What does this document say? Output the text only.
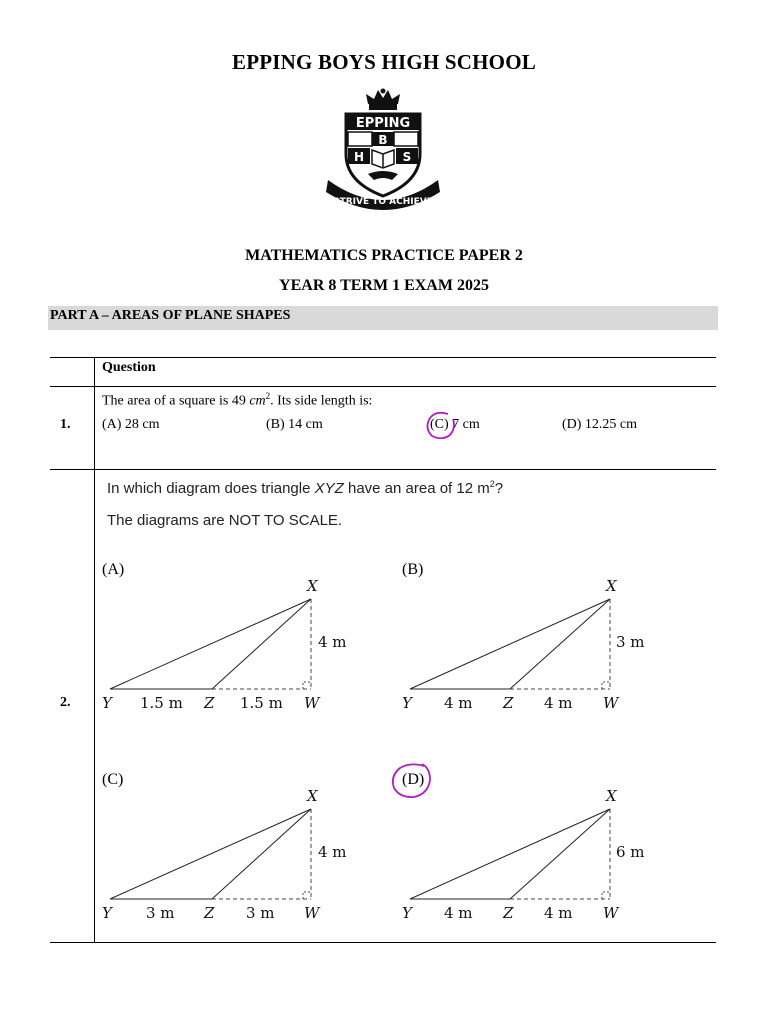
EPPING BOYS HIGH SCHOOL
EPPING
B
H	S
STRIVE TO ACHIEVE
MATHEMATICS PRACTICE PAPER 2
YEAR 8 TERM 1 EXAM 2025
PART A – AREAS OF PLANE SHAPES
Question
1.
The area of a square is 49 $cm^2$. Its side length is:
(A) 28 cm	(B) 14 cm	(C) 7 cm	(D) 12.25 cm
2.
In which diagram does triangle XYZ have an area of 12 $m^2$?
The diagrams are NOT TO SCALE.
(A)
X
Y	Z	W
4 m
1.5 m	1.5 m
(B)
X
Y	Z	W
3 m
4 m	4 m
(C)
X
Y	Z	W
4 m
3 m	3 m
(D)
X
Y	Z	W
6 m
4 m	4 m
